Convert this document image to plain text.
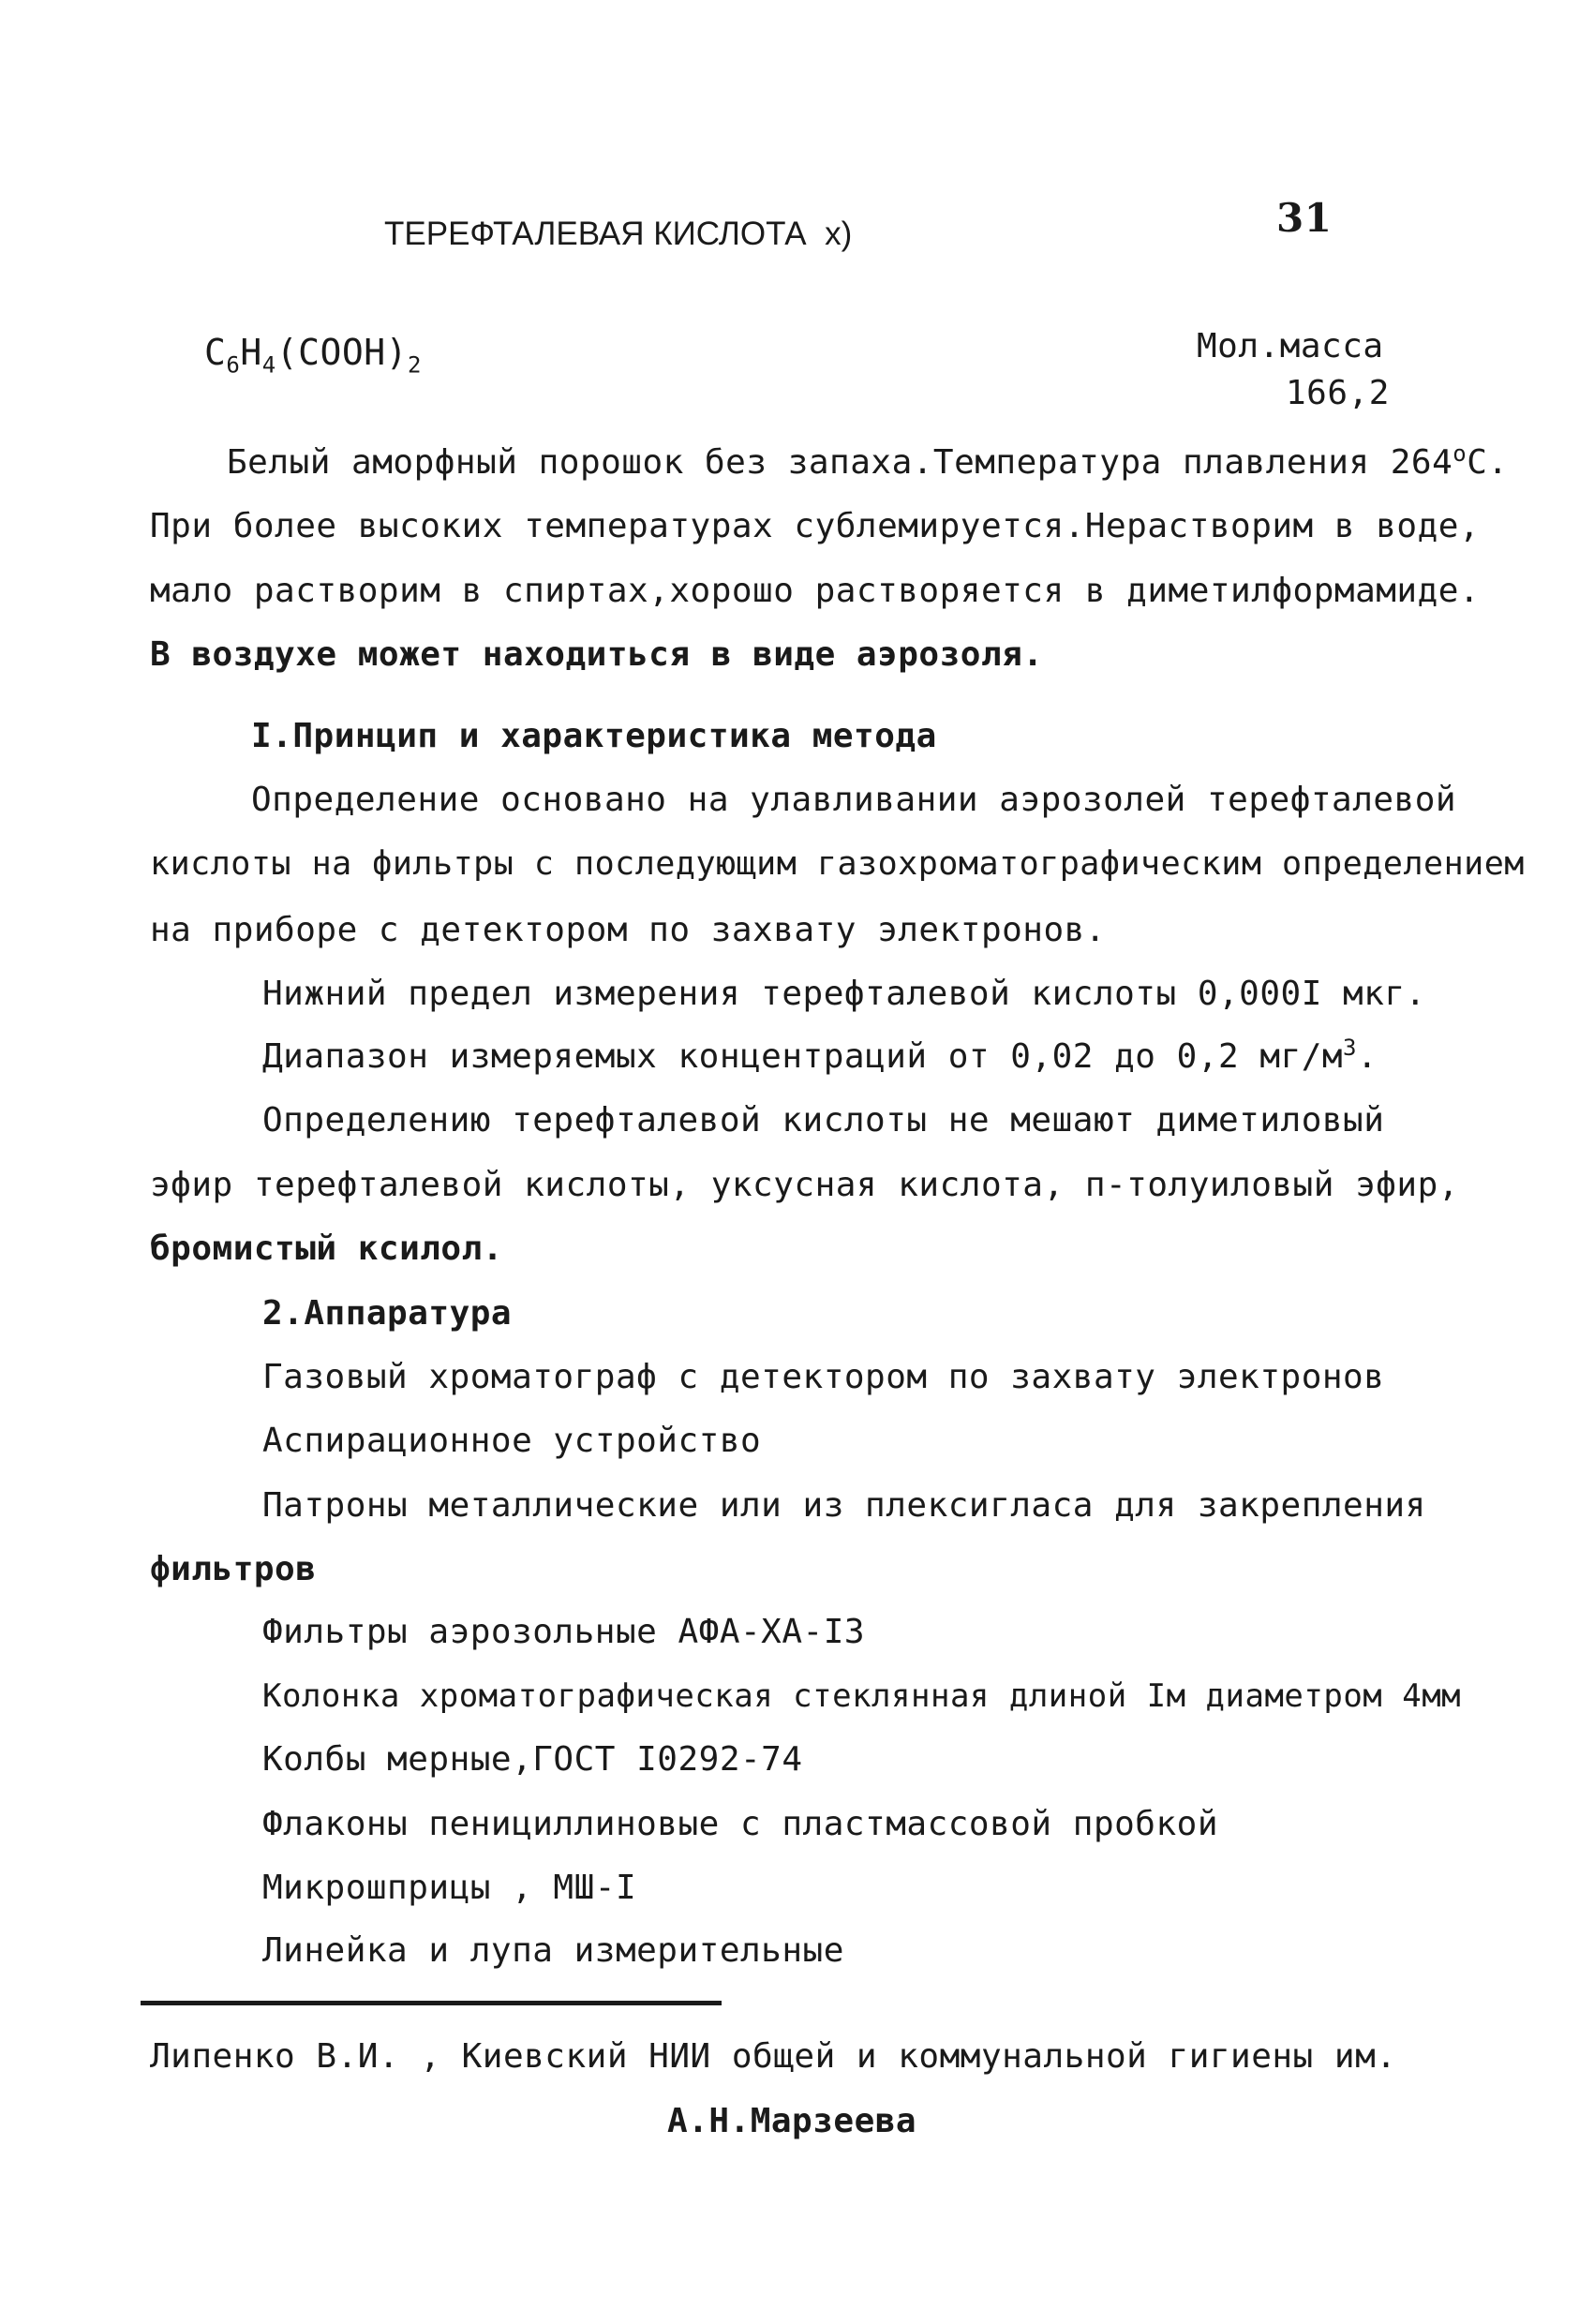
ТЕРЕФТАЛЕВАЯ КИСЛОТА x)	31
$C_6H_4(COOH)_2$	Мол.масса
166,2
Белый аморфный порошок без запаха.Температура плавления 264$^o$С.
При более высоких температурах сублемируется.Нерастворим в воде,
мало растворим в спиртах,хорошо растворяется в диметилформамиде.
В воздухе может находиться в виде аэрозоля.
I.Принцип и характеристика метода
Определение основано на улавливании аэрозолей терефталевой
кислоты на фильтры с последующим газохроматографическим определением
на приборе с детектором по захвату электронов.
Нижний предел измерения терефталевой кислоты 0,000I мкг.
Диапазон измеряемых концентраций от 0,02 до 0,2 $мг/м^3$.
Определению терефталевой кислоты не мешают диметиловый
эфир терефталевой кислоты, уксусная кислота, п-толуиловый эфир,
бромистый ксилол.
2.Аппаратура
Газовый хроматограф с детектором по захвату электронов
Аспирационное устройство
Патроны металлические или из плексигласа для закрепления
фильтров
Фильтры аэрозольные АФА-ХА-I3
Колонка хроматографическая стеклянная длиной Iм диаметром 4мм
Колбы мерные,ГОСТ I0292-74
Флаконы пенициллиновые с пластмассовой пробкой
Микрошприцы , МШ-I
Линейка и лупа измерительные
Липенко В.И. , Киевский НИИ общей и коммунальной гигиены им.
А.Н.Марзеева
